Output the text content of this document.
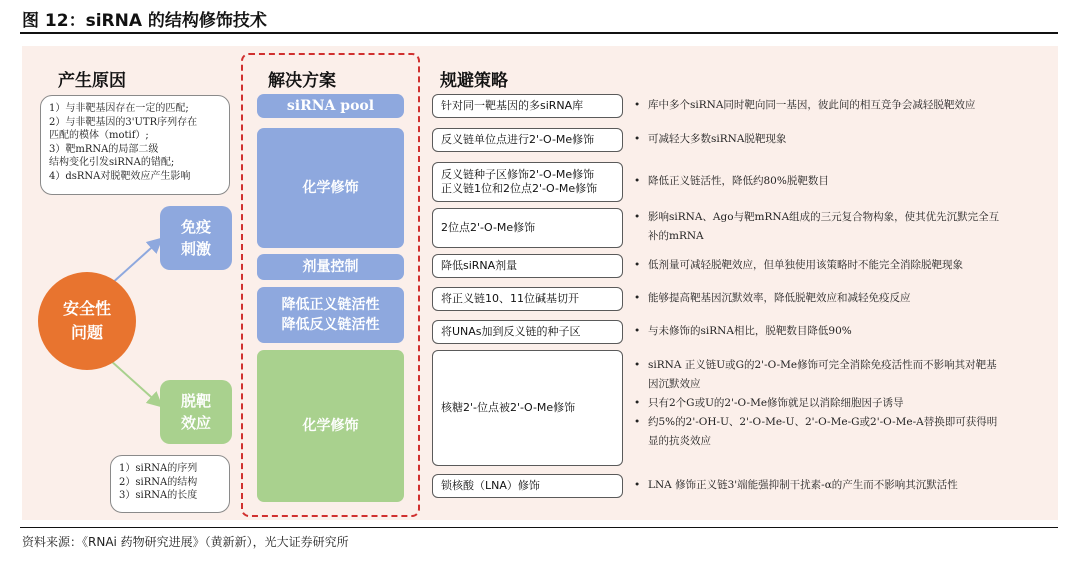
图 12：siRNA 的结构修饰技术
产生原因	解决方案	规避策略
1）与非靶基因存在一定的匹配;
2）与非靶基因的3'UTR序列存在
匹配的模体（motif）;
3）靶mRNA的局部二级
结构变化引发siRNA的错配;
4）dsRNA对脱靶效应产生影响
安全性
问题
免疫
刺激
脱靶
效应
1）siRNA的序列
2）siRNA的结构
3）siRNA的长度
siRNA pool
化学修饰
剂量控制
降低正义链活性
降低反义链活性
化学修饰
针对同一靶基因的多siRNA库
反义链单位点进行2'-O-Me修饰
反义链种子区修饰2'-O-Me修饰
正义链1位和2位点2'-O-Me修饰
2位点2'-O-Me修饰
降低siRNA剂量
将正义链10、11位碱基切开
将UNAs加到反义链的种子区
核糖2'-位点被2'-O-Me修饰
锁核酸（LNA）修饰
• 库中多个siRNA同时靶向同一基因，彼此间的相互竞争会减轻脱靶效应
• 可减轻大多数siRNA脱靶现象
• 降低正义链活性，降低约80%脱靶数目
• 影响siRNA、Ago与靶mRNA组成的三元复合物构象，使其优先沉默完全互补的mRNA
• 低剂量可减轻脱靶效应，但单独使用该策略时不能完全消除脱靶现象
• 能够提高靶基因沉默效率，降低脱靶效应和减轻免疫反应
• 与未修饰的siRNA相比，脱靶数目降低90%
• siRNA 正义链U或G的2'-O-Me修饰可完全消除免疫活性而不影响其对靶基因沉默效应
• 只有2个G或U的2'-O-Me修饰就足以消除细胞因子诱导
• 约5%的2'-OH-U、2'-O-Me-U、2'-O-Me-G或2'-O-Me-A替换即可获得明显的抗炎效应
• LNA 修饰正义链3'端能强抑制干扰素-α的产生而不影响其沉默活性
资料来源：《RNAi 药物研究进展》（黄新新），光大证券研究所
